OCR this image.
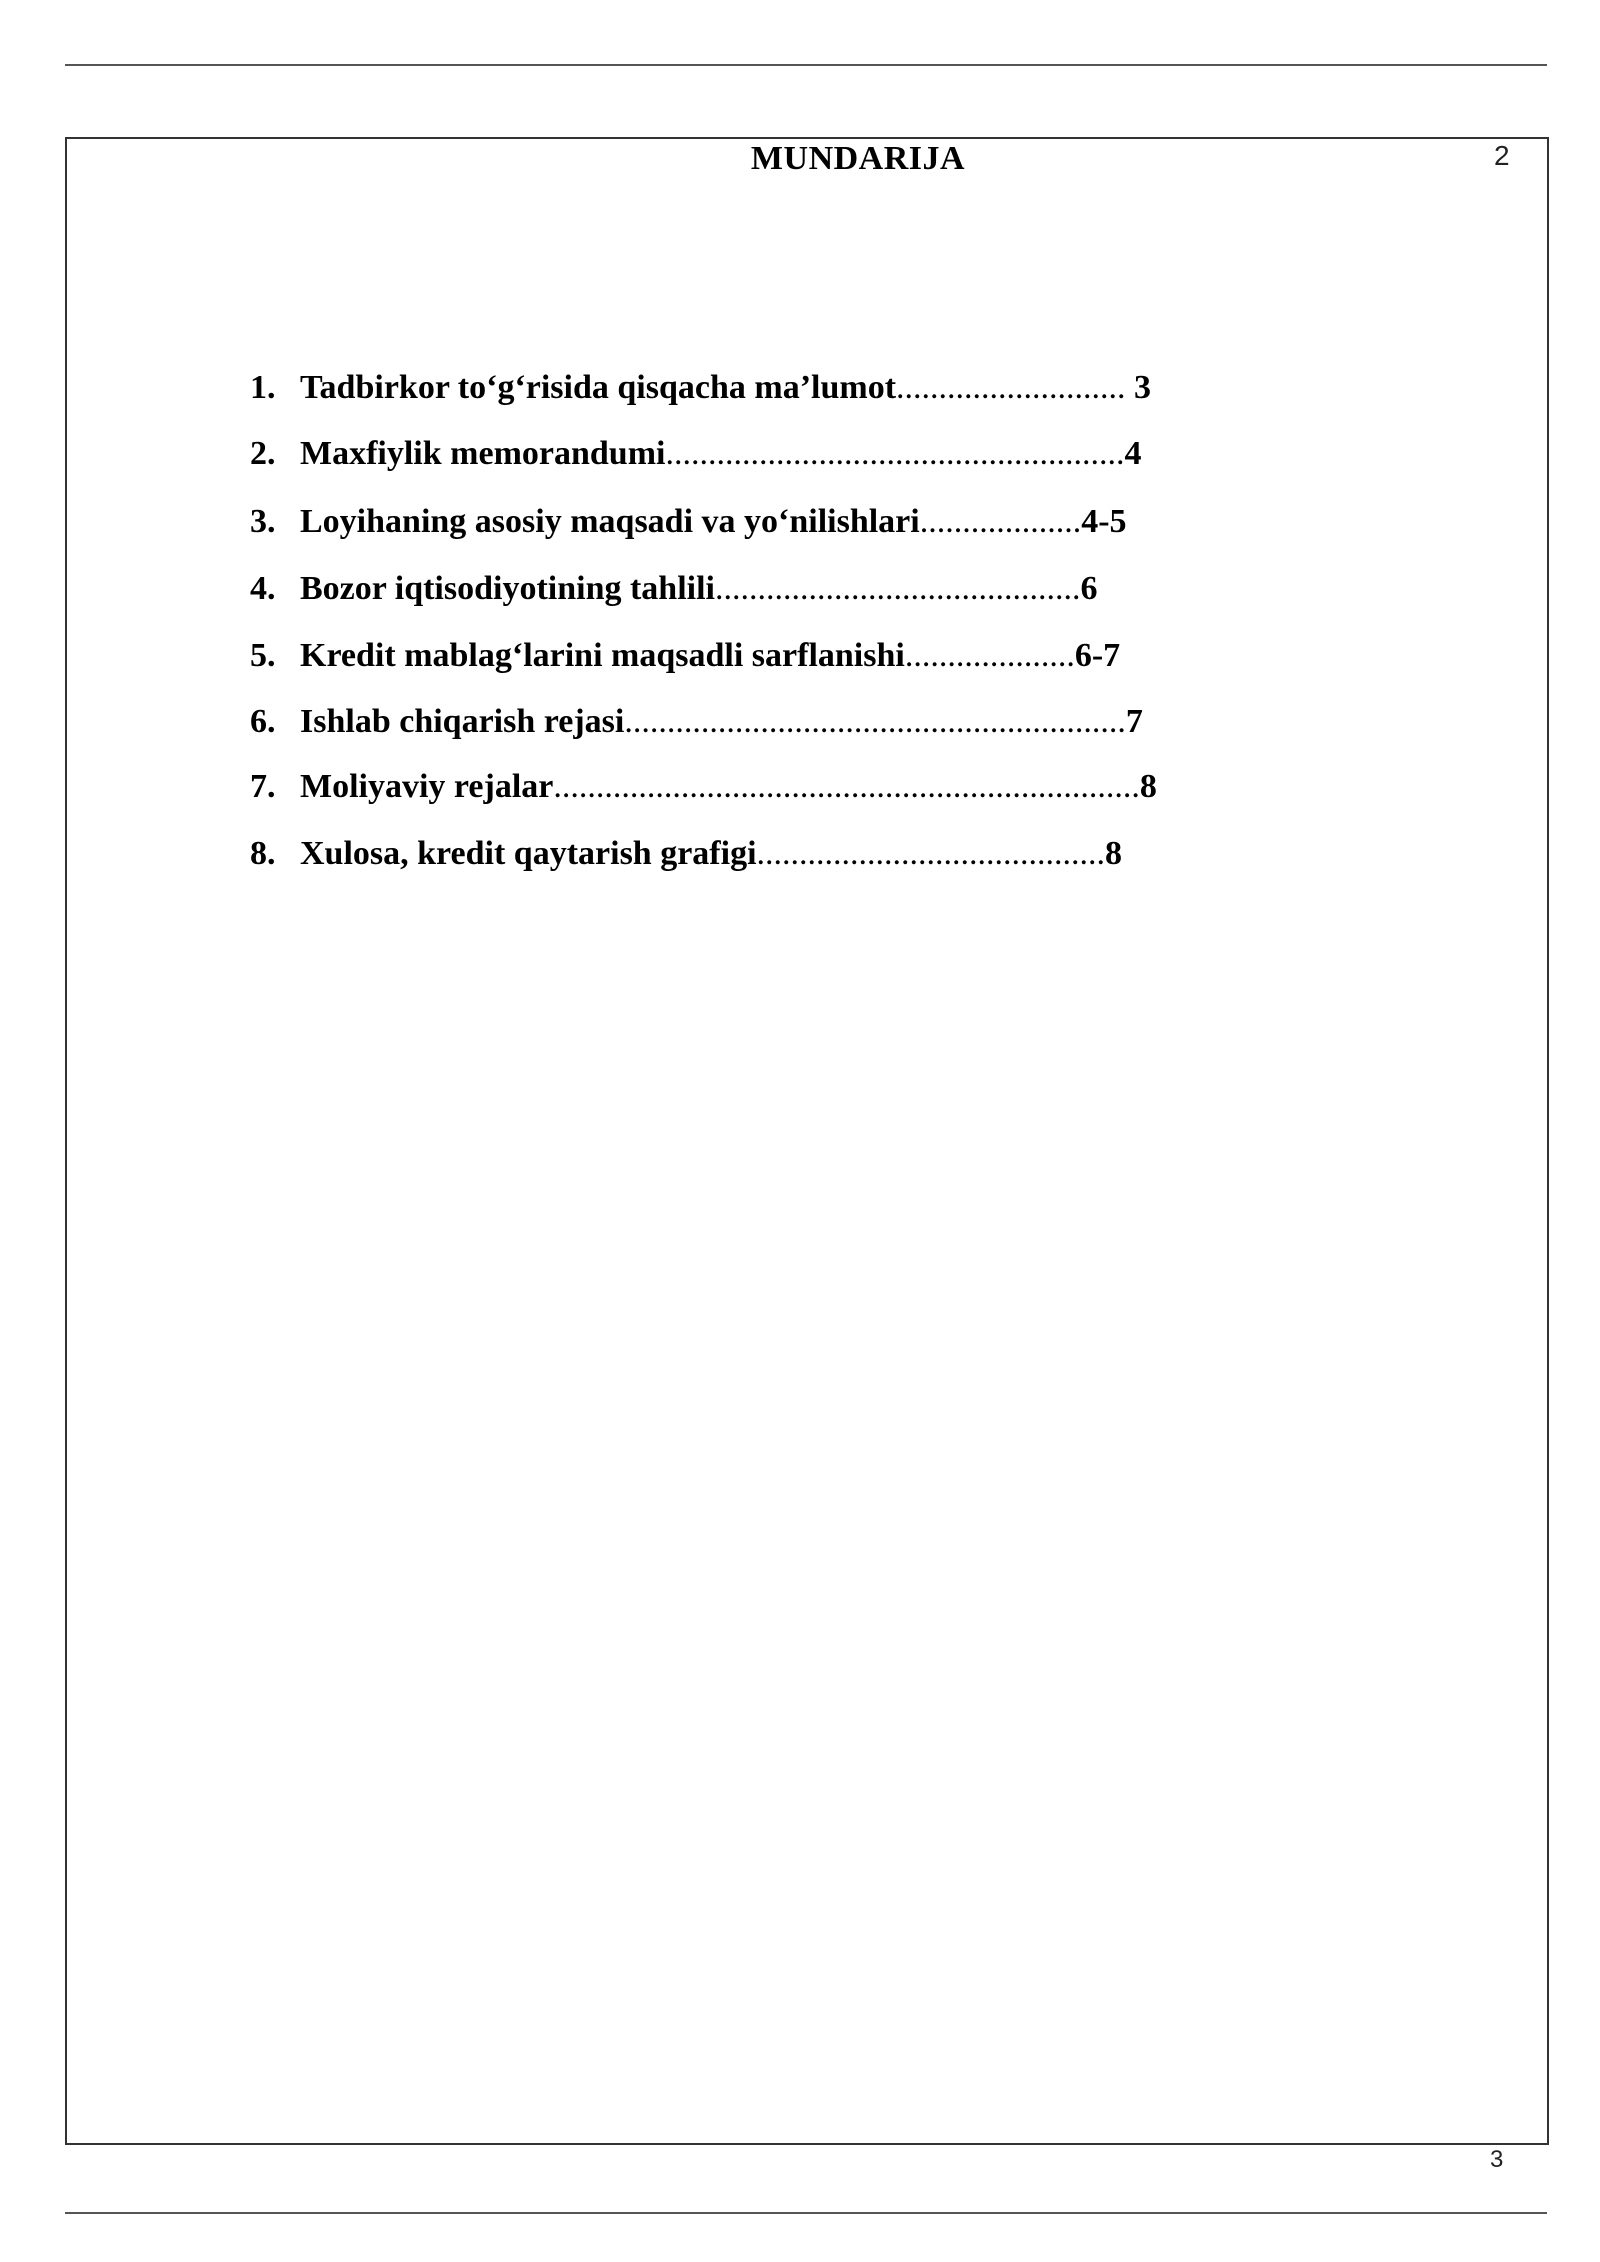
MUNDARIJA	2
1. Tadbirkor to‘g‘risida qisqacha ma’lumot........................... 3
2. Maxfiylik memorandumi......................................................4
3. Loyihaning asosiy maqsadi va yo‘nilishlari...................4-5
4. Bozor iqtisodiyotining tahlili...........................................6
5. Kredit mablag‘larini maqsadli sarflanishi....................6-7
6. Ishlab chiqarish rejasi...........................................................7
7. Moliyaviy rejalar.....................................................................8
8. Xulosa, kredit qaytarish grafigi.........................................8
3
